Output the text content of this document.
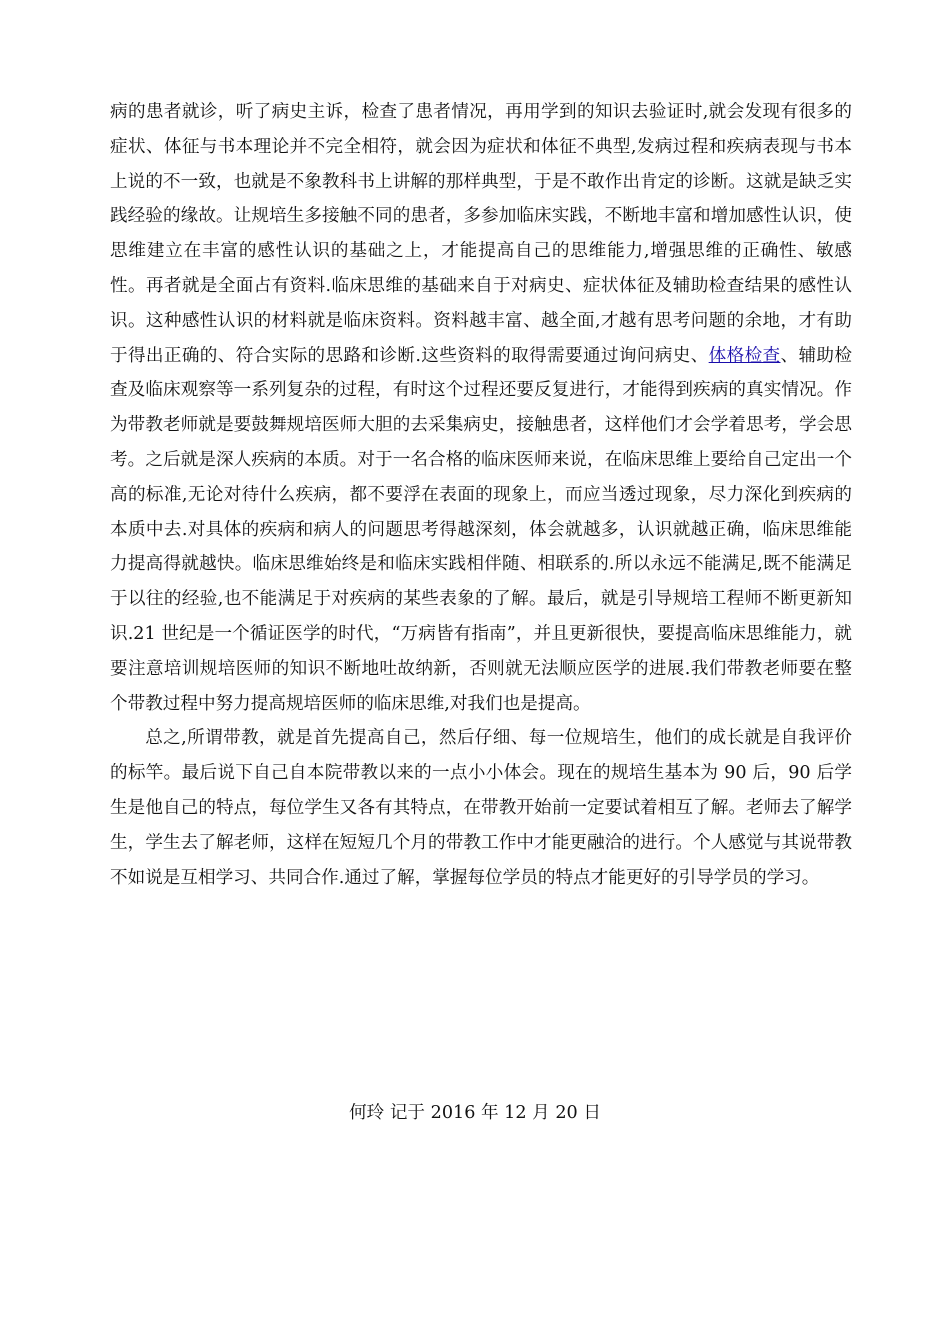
病的患者就诊，听了病史主诉，检查了患者情况，再用学到的知识去验证时,就会发现有很多的症状、体征与书本理论并不完全相符，就会因为症状和体征不典型,发病过程和疾病表现与书本上说的不一致，也就是不象教科书上讲解的那样典型，于是不敢作出肯定的诊断。这就是缺乏实践经验的缘故。让规培生多接触不同的患者，多参加临床实践，不断地丰富和增加感性认识，使思维建立在丰富的感性认识的基础之上，才能提高自己的思维能力,增强思维的正确性、敏感性。再者就是全面占有资料.临床思维的基础来自于对病史、症状体征及辅助检查结果的感性认识。这种感性认识的材料就是临床资料。资料越丰富、越全面,才越有思考问题的余地，才有助于得出正确的、符合实际的思路和诊断.这些资料的取得需要通过询问病史、体格检查、辅助检查及临床观察等一系列复杂的过程，有时这个过程还要反复进行，才能得到疾病的真实情况。作为带教老师就是要鼓舞规培医师大胆的去采集病史，接触患者，这样他们才会学着思考，学会思考。之后就是深人疾病的本质。对于一名合格的临床医师来说，在临床思维上要给自己定出一个高的标准,无论对待什么疾病，都不要浮在表面的现象上，而应当透过现象，尽力深化到疾病的本质中去.对具体的疾病和病人的问题思考得越深刻，体会就越多，认识就越正确，临床思维能力提高得就越快。临床思维始终是和临床实践相伴随、相联系的.所以永远不能满足,既不能满足于以往的经验,也不能满足于对疾病的某些表象的了解。最后，就是引导规培工程师不断更新知识.21 世纪是一个循证医学的时代，“万病皆有指南”，并且更新很快，要提高临床思维能力，就要注意培训规培医师的知识不断地吐故纳新，否则就无法顺应医学的进展.我们带教老师要在整个带教过程中努力提高规培医师的临床思维,对我们也是提高。

总之,所谓带教，就是首先提高自己，然后仔细、每一位规培生，他们的成长就是自我评价的标竿。最后说下自己自本院带教以来的一点小小体会。现在的规培生基本为 90 后，90 后学生是他自己的特点，每位学生又各有其特点，在带教开始前一定要试着相互了解。老师去了解学生，学生去了解老师，这样在短短几个月的带教工作中才能更融洽的进行。个人感觉与其说带教不如说是互相学习、共同合作.通过了解，掌握每位学员的特点才能更好的引导学员的学习。

何玲 记于 2016 年 12 月 20 日
